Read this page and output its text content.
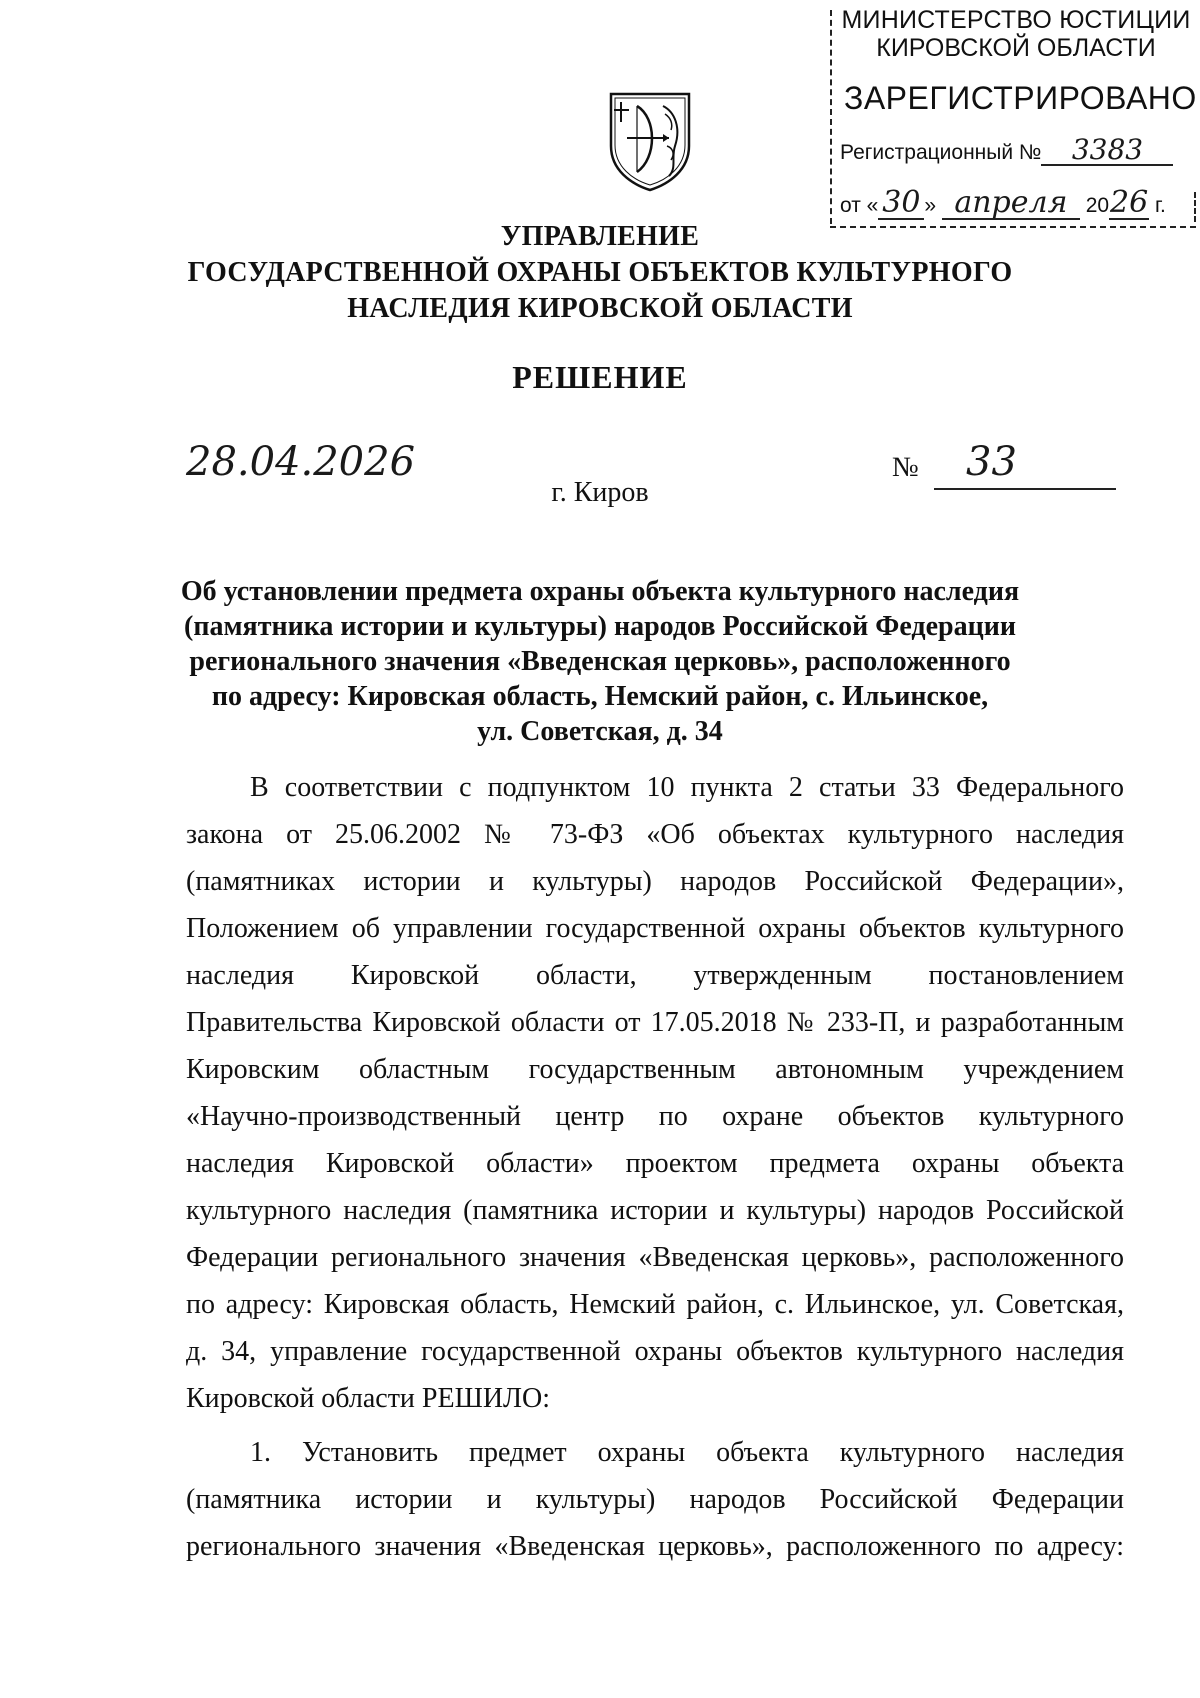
МИНИСТЕРСТВО ЮСТИЦИИ
КИРОВСКОЙ ОБЛАСТИ
ЗАРЕГИСТРИРОВАНО
Регистрационный № 3383
от « 30 » апреля 2026 г.
УПРАВЛЕНИЕ
ГОСУДАРСТВЕННОЙ ОХРАНЫ ОБЪЕКТОВ КУЛЬТУРНОГО
НАСЛЕДИЯ КИРОВСКОЙ ОБЛАСТИ
РЕШЕНИЕ
28.04.2026	№	33
г. Киров
Об установлении предмета охраны объекта культурного наследия
(памятника истории и культуры) народов Российской Федерации
регионального значения «Введенская церковь», расположенного
по адресу: Кировская область, Немский район, с. Ильинское,
ул. Советская, д. 34
В соответствии с подпунктом 10 пункта 2 статьи 33 Федерального
закона от 25.06.2002 № 73-ФЗ «Об объектах культурного наследия
(памятниках истории и культуры) народов Российской Федерации»,
Положением об управлении государственной охраны объектов культурного
наследия Кировской области, утвержденным постановлением
Правительства Кировской области от 17.05.2018 № 233-П, и разработанным
Кировским областным государственным автономным учреждением
«Научно-производственный центр по охране объектов культурного
наследия Кировской области» проектом предмета охраны объекта
культурного наследия (памятника истории и культуры) народов Российской
Федерации регионального значения «Введенская церковь», расположенного
по адресу: Кировская область, Немский район, с. Ильинское, ул. Советская,
д. 34, управление государственной охраны объектов культурного наследия
Кировской области РЕШИЛО:
1. Установить предмет охраны объекта культурного наследия
(памятника истории и культуры) народов Российской Федерации
регионального значения «Введенская церковь», расположенного по адресу:
